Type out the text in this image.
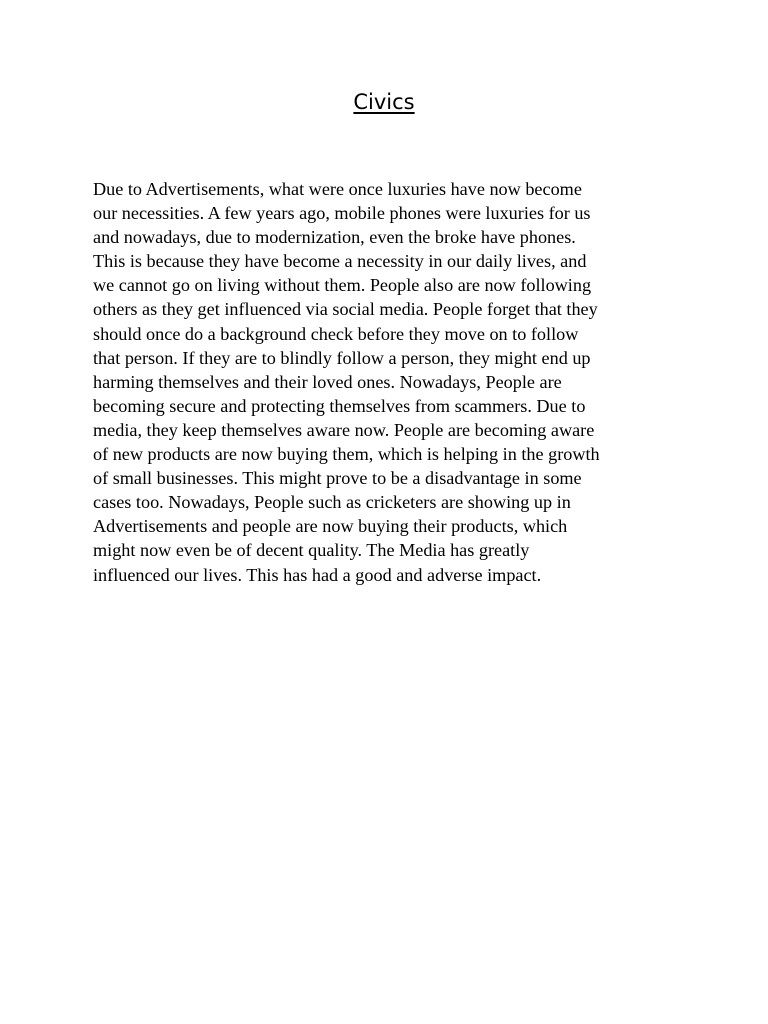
Civics

Due to Advertisements, what were once luxuries have now become
our necessities. A few years ago, mobile phones were luxuries for us
and nowadays, due to modernization, even the broke have phones.
This is because they have become a necessity in our daily lives, and
we cannot go on living without them. People also are now following
others as they get influenced via social media. People forget that they
should once do a background check before they move on to follow
that person. If they are to blindly follow a person, they might end up
harming themselves and their loved ones. Nowadays, People are
becoming secure and protecting themselves from scammers. Due to
media, they keep themselves aware now. People are becoming aware
of new products are now buying them, which is helping in the growth
of small businesses. This might prove to be a disadvantage in some
cases too. Nowadays, People such as cricketers are showing up in
Advertisements and people are now buying their products, which
might now even be of decent quality. The Media has greatly
influenced our lives. This has had a good and adverse impact.
